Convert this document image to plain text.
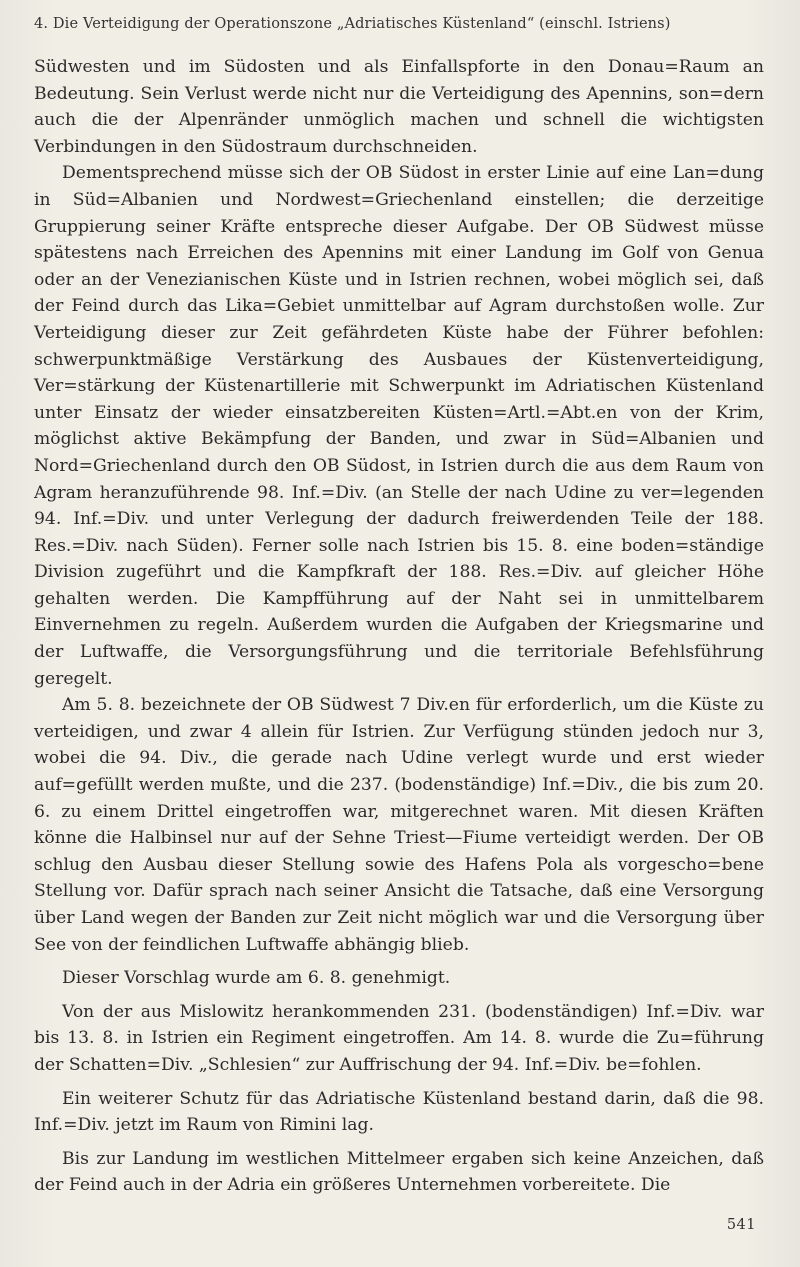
4. Die Verteidigung der Operationszone „Adriatisches Küstenland“ (einschl. Istriens)

Südwesten und im Südosten und als Einfallspforte in den Donau=Raum an Bedeutung. Sein Verlust werde nicht nur die Verteidigung des Apennins, son=dern auch die der Alpenränder unmöglich machen und schnell die wichtigsten Verbindungen in den Südostraum durchschneiden.

Dementsprechend müsse sich der OB Südost in erster Linie auf eine Lan=dung in Süd=Albanien und Nordwest=Griechenland einstellen; die derzeitige Gruppierung seiner Kräfte entspreche dieser Aufgabe. Der OB Südwest müsse spätestens nach Erreichen des Apennins mit einer Landung im Golf von Genua oder an der Venezianischen Küste und in Istrien rechnen, wobei möglich sei, daß der Feind durch das Lika=Gebiet unmittelbar auf Agram durchstoßen wolle. Zur Verteidigung dieser zur Zeit gefährdeten Küste habe der Führer befohlen: schwerpunktmäßige Verstärkung des Ausbaues der Küstenverteidigung, Ver=stärkung der Küstenartillerie mit Schwerpunkt im Adriatischen Küstenland unter Einsatz der wieder einsatzbereiten Küsten=Artl.=Abt.en von der Krim, möglichst aktive Bekämpfung der Banden, und zwar in Süd=Albanien und Nord=Griechenland durch den OB Südost, in Istrien durch die aus dem Raum von Agram heranzuführende 98. Inf.=Div. (an Stelle der nach Udine zu ver=legenden 94. Inf.=Div. und unter Verlegung der dadurch freiwerdenden Teile der 188. Res.=Div. nach Süden). Ferner solle nach Istrien bis 15. 8. eine boden=ständige Division zugeführt und die Kampfkraft der 188. Res.=Div. auf gleicher Höhe gehalten werden. Die Kampfführung auf der Naht sei in unmittelbarem Einvernehmen zu regeln. Außerdem wurden die Aufgaben der Kriegsmarine und der Luftwaffe, die Versorgungsführung und die territoriale Befehlsführung geregelt.

Am 5. 8. bezeichnete der OB Südwest 7 Div.en für erforderlich, um die Küste zu verteidigen, und zwar 4 allein für Istrien. Zur Verfügung stünden jedoch nur 3, wobei die 94. Div., die gerade nach Udine verlegt wurde und erst wieder auf=gefüllt werden mußte, und die 237. (bodenständige) Inf.=Div., die bis zum 20. 6. zu einem Drittel eingetroffen war, mitgerechnet waren. Mit diesen Kräften könne die Halbinsel nur auf der Sehne Triest—Fiume verteidigt werden. Der OB schlug den Ausbau dieser Stellung sowie des Hafens Pola als vorgescho=bene Stellung vor. Dafür sprach nach seiner Ansicht die Tatsache, daß eine Versorgung über Land wegen der Banden zur Zeit nicht möglich war und die Versorgung über See von der feindlichen Luftwaffe abhängig blieb.

Dieser Vorschlag wurde am 6. 8. genehmigt.

Von der aus Mislowitz herankommenden 231. (bodenständigen) Inf.=Div. war bis 13. 8. in Istrien ein Regiment eingetroffen. Am 14. 8. wurde die Zu=führung der Schatten=Div. „Schlesien“ zur Auffrischung der 94. Inf.=Div. be=fohlen.

Ein weiterer Schutz für das Adriatische Küstenland bestand darin, daß die 98. Inf.=Div. jetzt im Raum von Rimini lag.

Bis zur Landung im westlichen Mittelmeer ergaben sich keine Anzeichen, daß der Feind auch in der Adria ein größeres Unternehmen vorbereitete. Die

541
